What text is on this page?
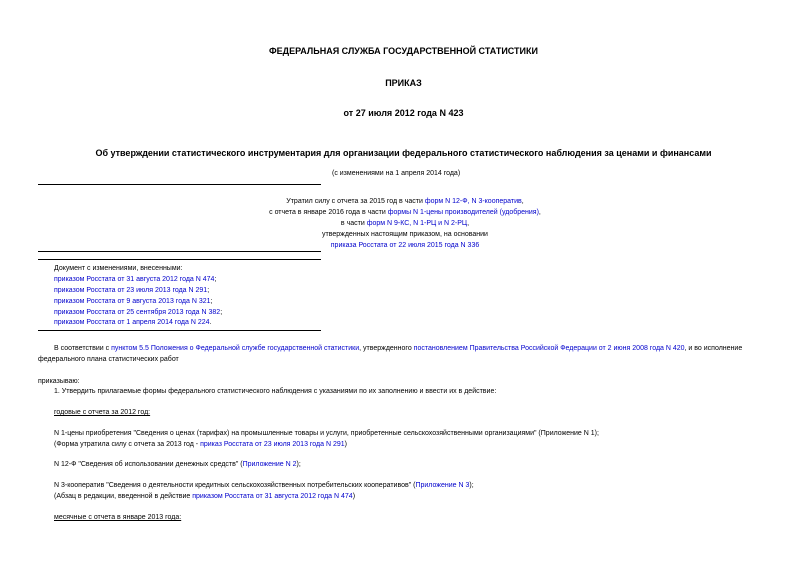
ФЕДЕРАЛЬНАЯ СЛУЖБА ГОСУДАРСТВЕННОЙ СТАТИСТИКИ
ПРИКАЗ
от 27 июля 2012 года N 423
Об утверждении статистического инструментария для организации федерального статистического наблюдения за ценами и финансами
(с изменениями на 1 апреля 2014 года)
Утратил силу с отчета за 2015 год в части форм N 12-Ф, N 3-кооператив,
с отчета в январе 2016 года в части формы N 1-цены производителей (удобрения),
в части форм N 9-КС, N 1-РЦ и N 2-РЦ,
утвержденных настоящим приказом, на основании
приказа Росстата от 22 июля 2015 года N 336
Документ с изменениями, внесенными:
приказом Росстата от 31 августа 2012 года N 474;
приказом Росстата от 23 июля 2013 года N 291;
приказом Росстата от 9 августа 2013 года N 321;
приказом Росстата от 25 сентября 2013 года N 382;
приказом Росстата от 1 апреля 2014 года N 224.
В соответствии с пунктом 5.5 Положения о Федеральной службе государственной статистики, утвержденного постановлением Правительства Российской Федерации от 2 июня 2008 года N 420, и во исполнение
федерального плана статистических работ
приказываю:
1. Утвердить прилагаемые формы федерального статистического наблюдения с указаниями по их заполнению и ввести их в действие:
годовые с отчета за 2012 год:
N 1-цены приобретения "Сведения о ценах (тарифах) на промышленные товары и услуги, приобретенные сельскохозяйственными организациями" (Приложение N 1);
(Форма утратила силу с отчета за 2013 год - приказ Росстата от 23 июля 2013 года N 291)
N 12-Ф "Сведения об использовании денежных средств" (Приложение N 2);
N 3-кооператив "Сведения о деятельности кредитных сельскохозяйственных потребительских кооперативов" (Приложение N 3);
(Абзац в редакции, введенной в действие приказом Росстата от 31 августа 2012 года N 474)
месячные с отчета в январе 2013 года:
